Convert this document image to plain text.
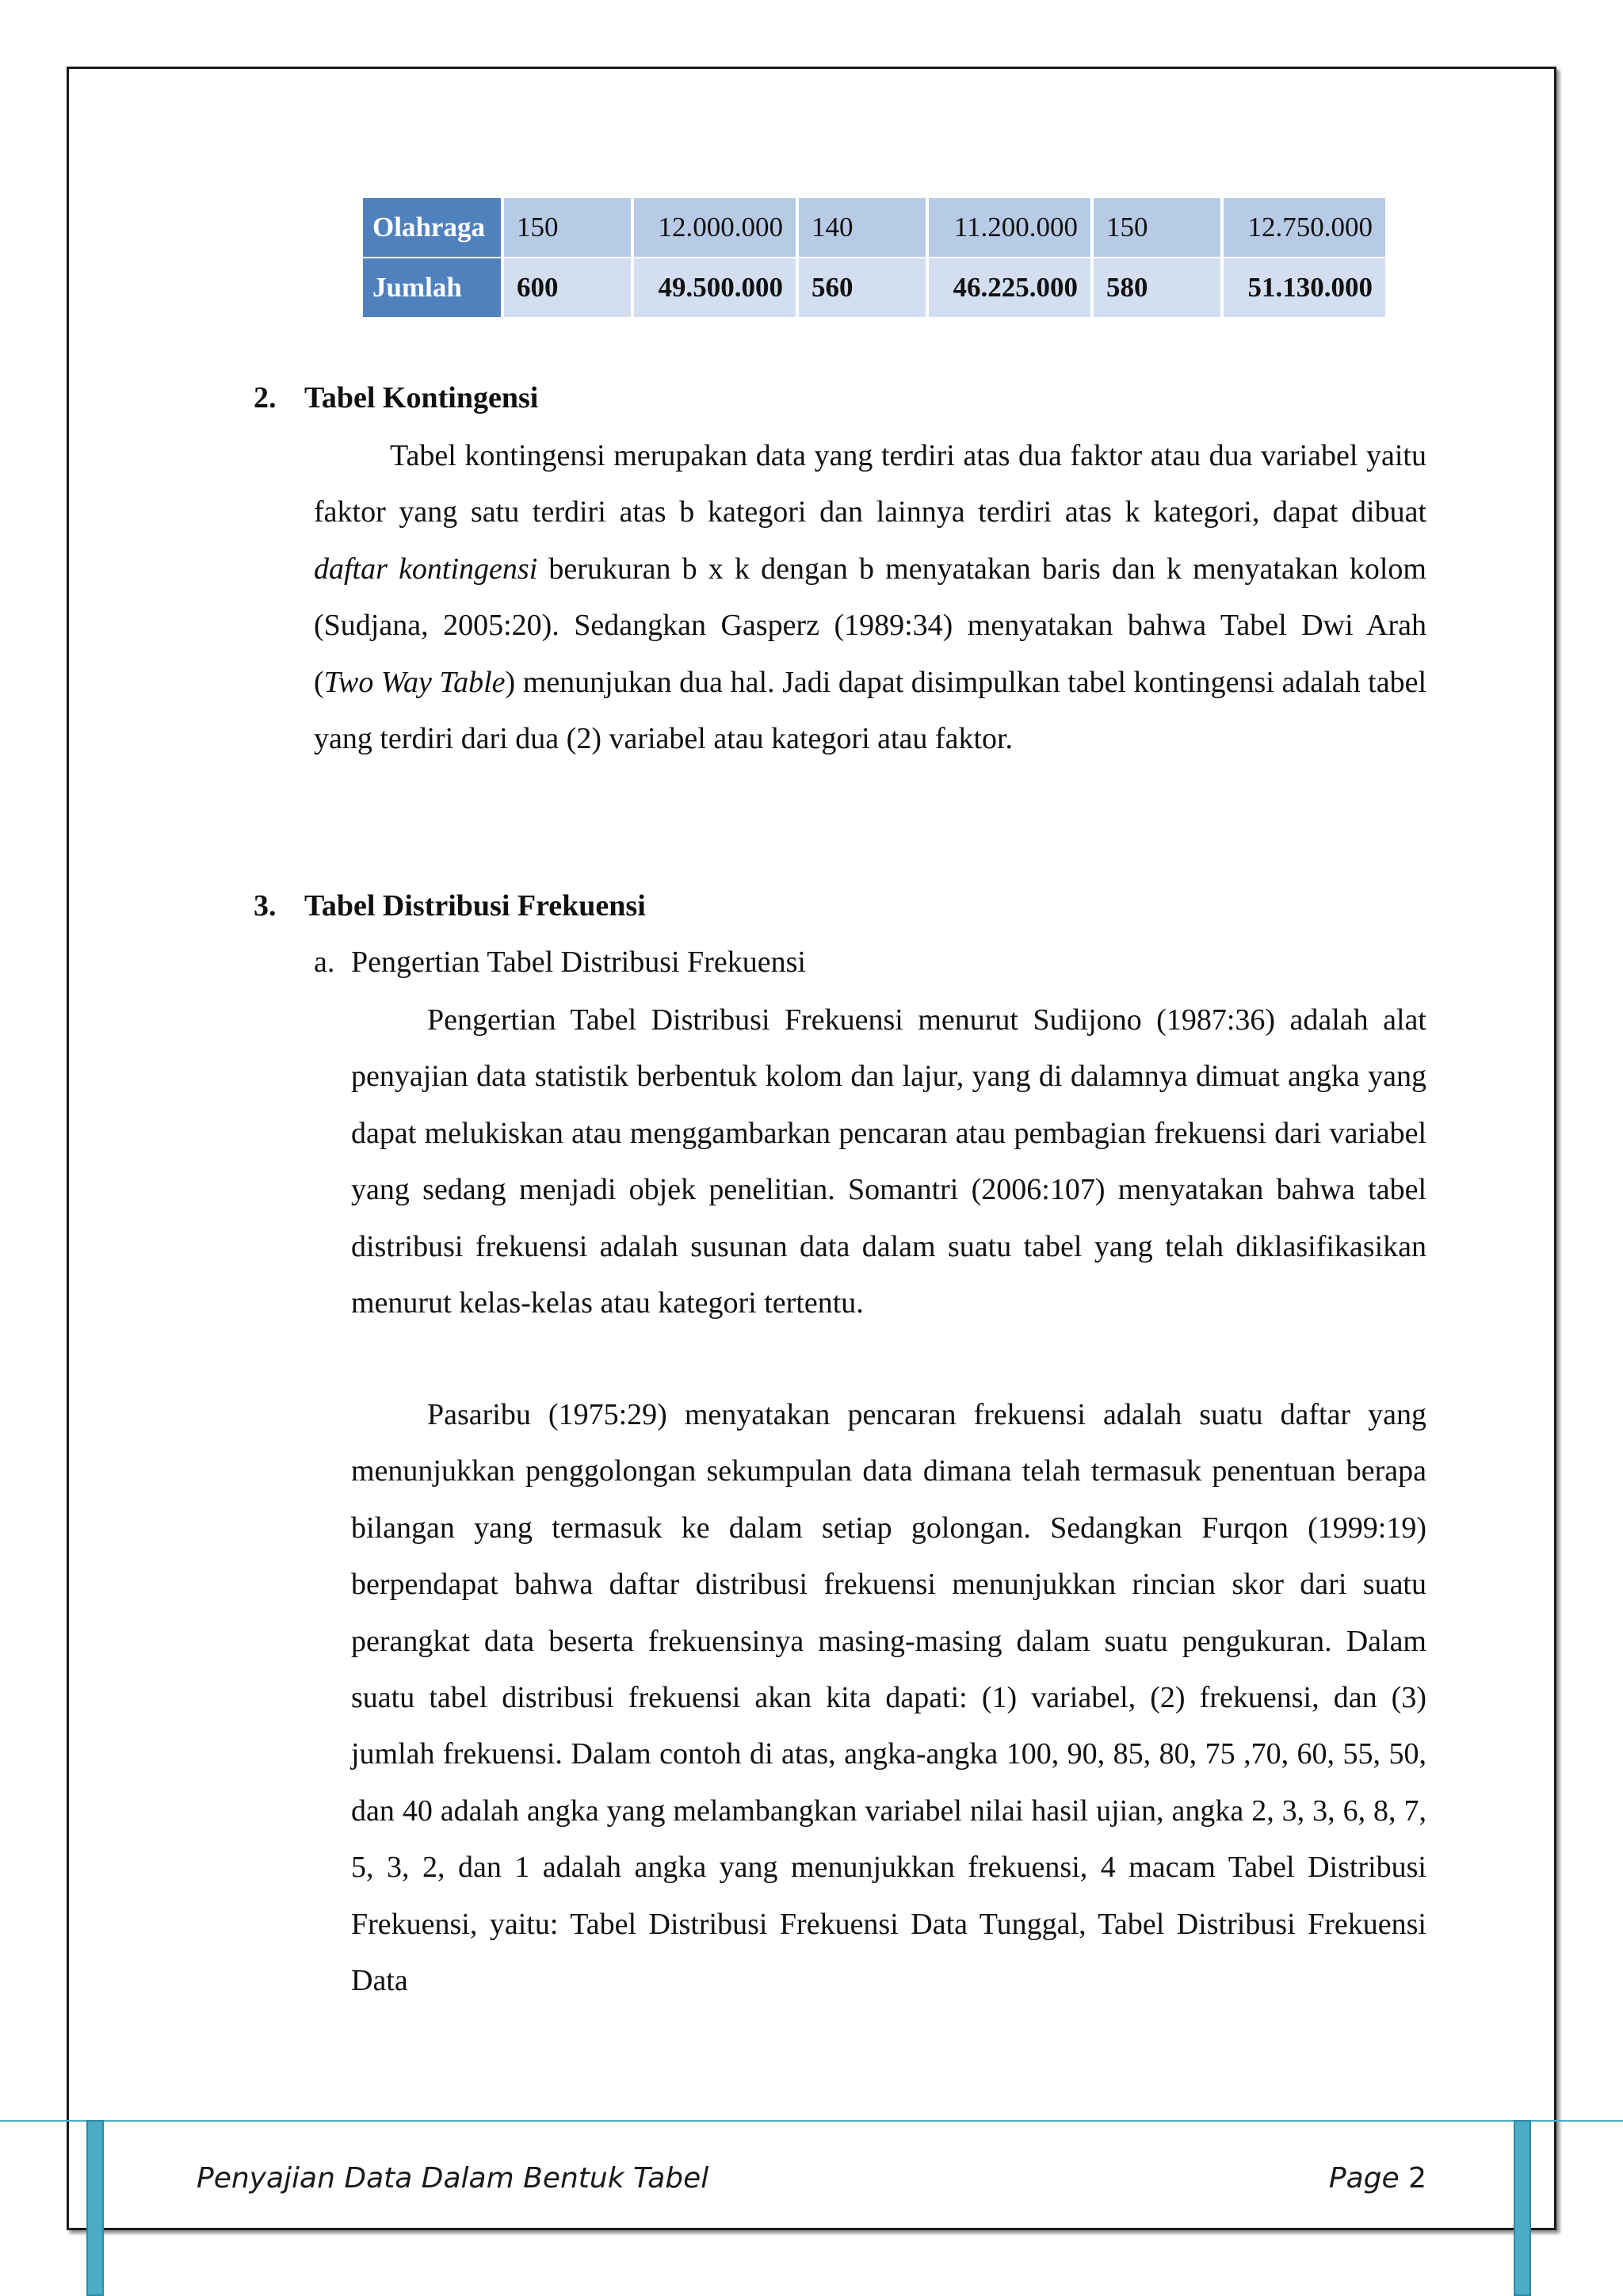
Olahraga	150	12.000.000	140	11.200.000	150	12.750.000
Jumlah	600	49.500.000	560	46.225.000	580	51.130.000
2. Tabel Kontingensi

Tabel kontingensi merupakan data yang terdiri atas dua faktor atau dua variabel yaitu faktor yang satu terdiri atas b kategori dan lainnya terdiri atas k kategori, dapat dibuat daftar kontingensi berukuran b x k dengan b menyatakan baris dan k menyatakan kolom (Sudjana, 2005:20). Sedangkan Gasperz (1989:34) menyatakan bahwa Tabel Dwi Arah (Two Way Table) menunjukan dua hal. Jadi dapat disimpulkan tabel kontingensi adalah tabel yang terdiri dari dua (2) variabel atau kategori atau faktor.

3. Tabel Distribusi Frekuensi

a. Pengertian Tabel Distribusi Frekuensi

Pengertian Tabel Distribusi Frekuensi menurut Sudijono (1987:36) adalah alat penyajian data statistik berbentuk kolom dan lajur, yang di dalamnya dimuat angka yang dapat melukiskan atau menggambarkan pencaran atau pembagian frekuensi dari variabel yang sedang menjadi objek penelitian. Somantri (2006:107) menyatakan bahwa tabel distribusi frekuensi adalah susunan data dalam suatu tabel yang telah diklasifikasikan menurut kelas-kelas atau kategori tertentu.

Pasaribu (1975:29) menyatakan pencaran frekuensi adalah suatu daftar yang menunjukkan penggolongan sekumpulan data dimana telah termasuk penentuan berapa bilangan yang termasuk ke dalam setiap golongan. Sedangkan Furqon (1999:19) berpendapat bahwa daftar distribusi frekuensi menunjukkan rincian skor dari suatu perangkat data beserta frekuensinya masing-masing dalam suatu pengukuran. Dalam suatu tabel distribusi frekuensi akan kita dapati: (1) variabel, (2) frekuensi, dan (3) jumlah frekuensi. Dalam contoh di atas, angka-angka 100, 90, 85, 80, 75 ,70, 60, 55, 50, dan 40 adalah angka yang melambangkan variabel nilai hasil ujian, angka 2, 3, 3, 6, 8, 7, 5, 3, 2, dan 1 adalah angka yang menunjukkan frekuensi, 4 macam Tabel Distribusi Frekuensi, yaitu: Tabel Distribusi Frekuensi Data Tunggal, Tabel Distribusi Frekuensi Data

Penyajian Data Dalam Bentuk Tabel	Page 2
